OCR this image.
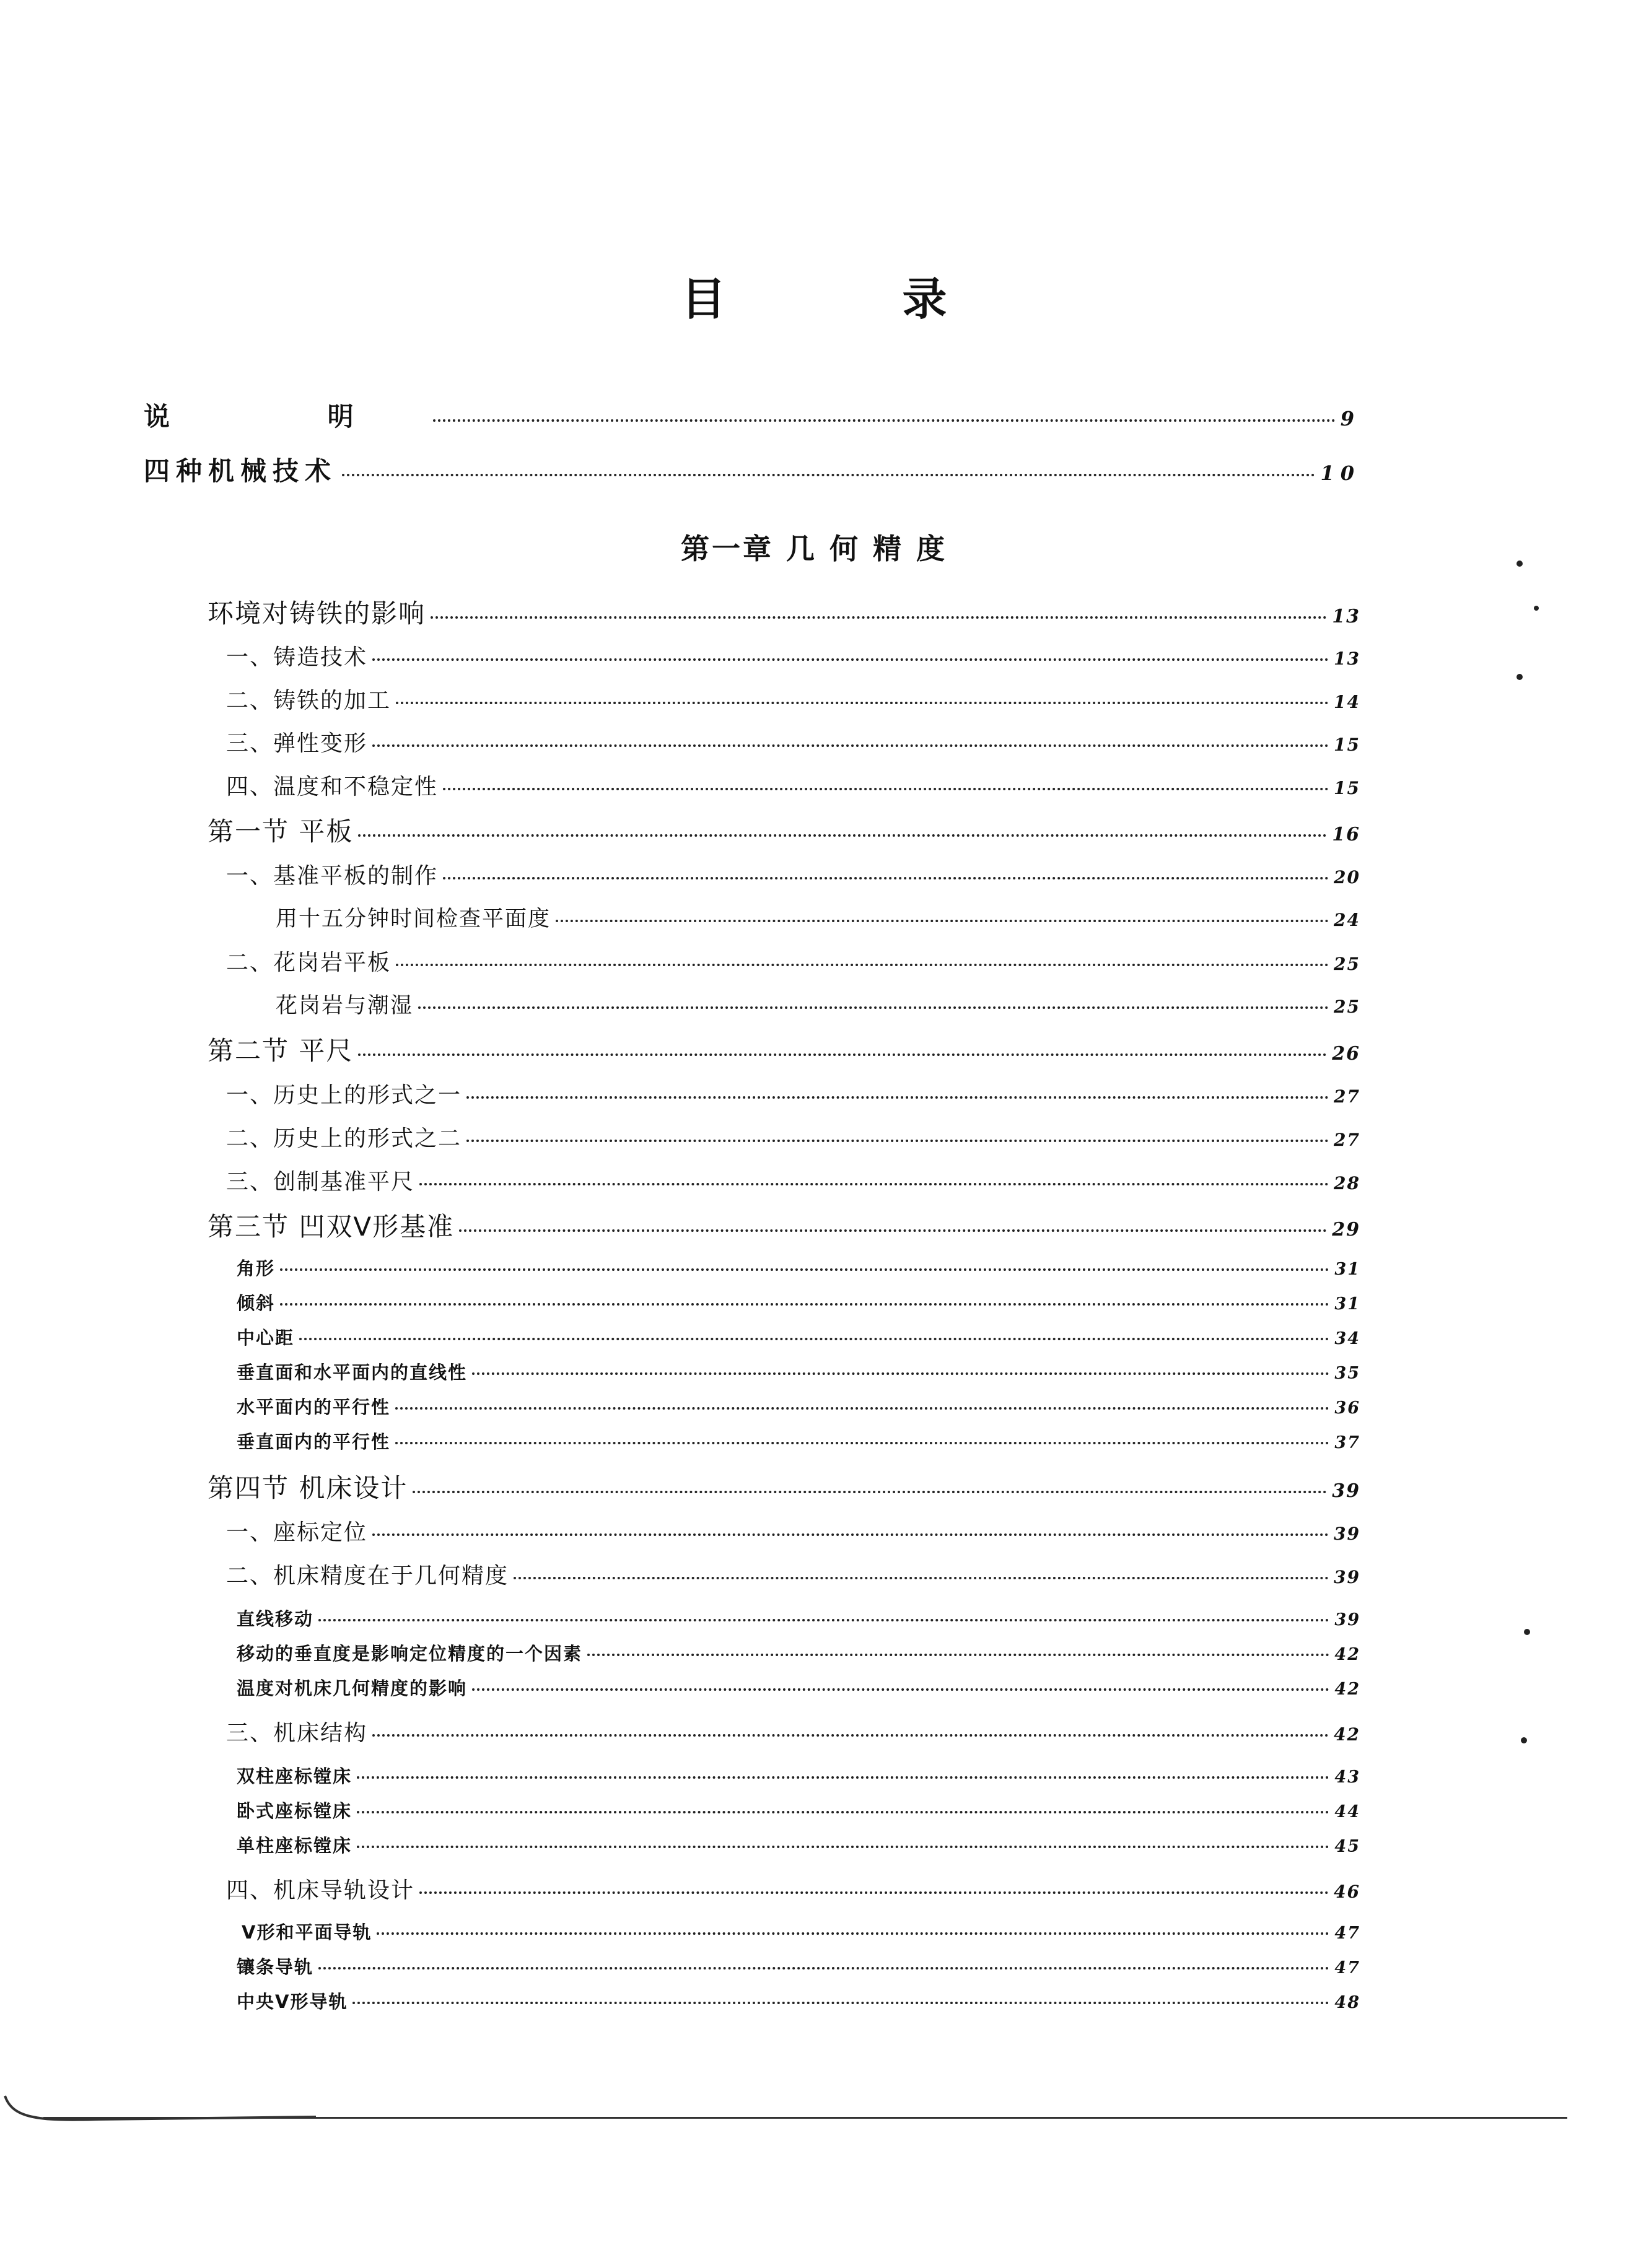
目 录
说 明	9
四种机械技术	10
第一章 几 何 精 度
环境对铸铁的影响	13
一、铸造技术	13
二、铸铁的加工	14
三、弹性变形	15
四、温度和不稳定性	15
第一节 平板	16
一、基准平板的制作	20
用十五分钟时间检查平面度	24
二、花岗岩平板	25
花岗岩与潮湿	25
第二节 平尺	26
一、历史上的形式之一	27
二、历史上的形式之二	27
三、创制基准平尺	28
第三节 凹双V形基准	29
角形	31
倾斜	31
中心距	34
垂直面和水平面内的直线性	35
水平面内的平行性	36
垂直面内的平行性	37
第四节 机床设计	39
一、座标定位	39
二、机床精度在于几何精度	39
直线移动	39
移动的垂直度是影响定位精度的一个因素	42
温度对机床几何精度的影响	42
三、机床结构	42
双柱座标镗床	43
卧式座标镗床	44
单柱座标镗床	45
四、机床导轨设计	46
V形和平面导轨	47
镶条导轨	47
中央V形导轨	48
